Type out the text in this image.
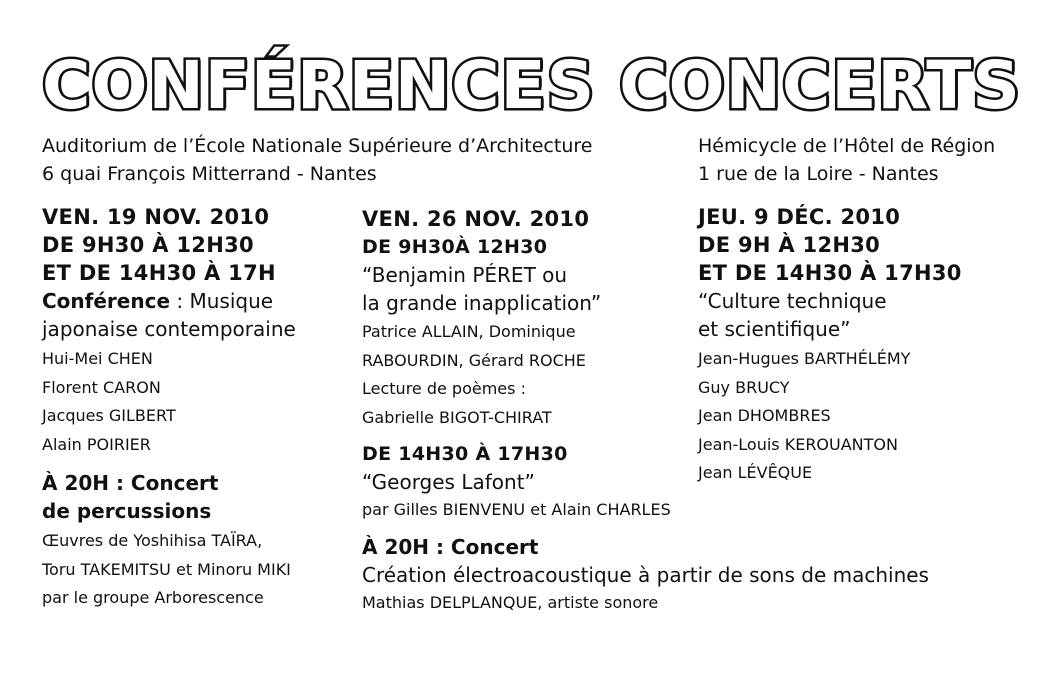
CONFÉRENCES CONCERTS
Auditorium de l’École Nationale Supérieure d’Architecture
6 quai François Mitterrand - Nantes
Hémicycle de l’Hôtel de Région
1 rue de la Loire - Nantes
VEN. 19 NOV. 2010
DE 9H30 À 12H30
ET DE 14H30 À 17H
Conférence : Musique
japonaise contemporaine
Hui-Mei CHEN
Florent CARON
Jacques GILBERT
Alain POIRIER
À 20H : Concert
de percussions
Œuvres de Yoshihisa TAÏRA,
Toru TAKEMITSU et Minoru MIKI
par le groupe Arborescence
VEN. 26 NOV. 2010
DE 9H30À 12H30
“Benjamin PÉRET ou
la grande inapplication”
Patrice ALLAIN, Dominique
RABOURDIN, Gérard ROCHE
Lecture de poèmes :
Gabrielle BIGOT-CHIRAT
DE 14H30 À 17H30
“Georges Lafont”
par Gilles BIENVENU et Alain CHARLES
À 20H : Concert
Création électroacoustique à partir de sons de machines
Mathias DELPLANQUE, artiste sonore
JEU. 9 DÉC. 2010
DE 9H À 12H30
ET DE 14H30 À 17H30
“Culture technique
et scientifique”
Jean-Hugues BARTHÉLÉMY
Guy BRUCY
Jean DHOMBRES
Jean-Louis KEROUANTON
Jean LÉVÊQUE
